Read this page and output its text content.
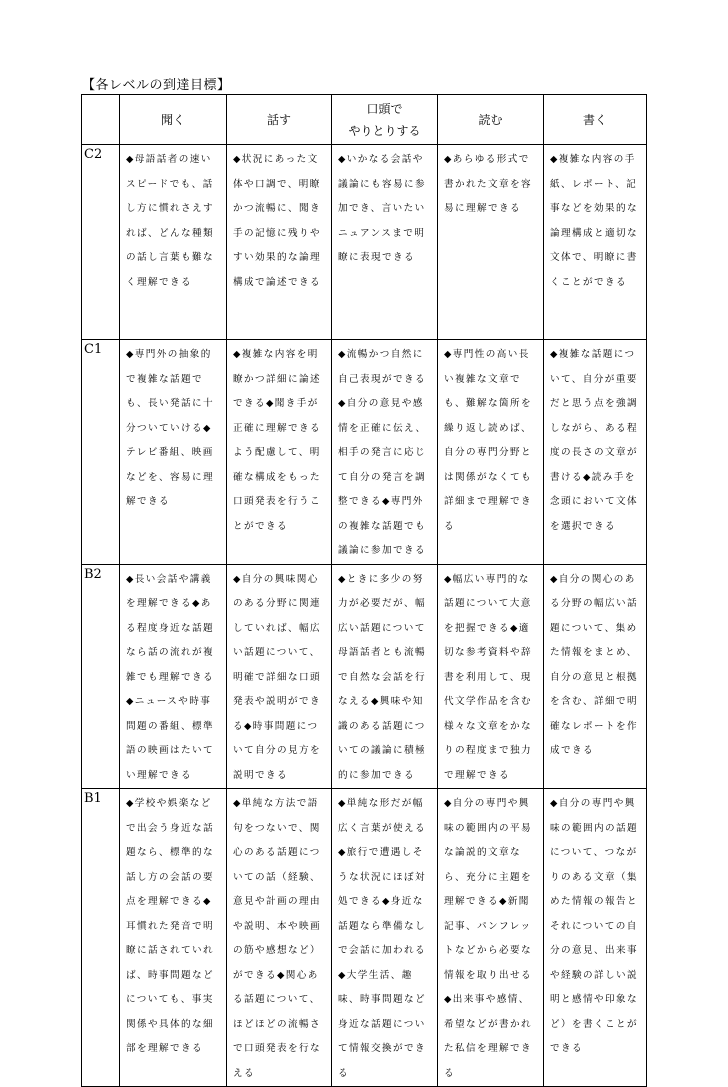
【各レベルの到達目標】
	聞く	話す	口頭で
やりとりする	読む	書く
C2	◆母語話者の速いスピードでも、話し方に慣れさえすれば、どんな種類の話し言葉も難なく理解できる	◆状況にあった文体や口調で、明瞭かつ流暢に、聞き手の記憶に残りやすい効果的な論理構成で論述できる	◆いかなる会話や議論にも容易に参加でき、言いたいニュアンスまで明瞭に表現できる	◆あらゆる形式で書かれた文章を容易に理解できる	◆複雑な内容の手紙、レポート、記事などを効果的な論理構成と適切な文体で、明瞭に書くことができる
C1	◆専門外の抽象的で複雑な話題でも、長い発話に十分ついていける◆テレビ番組、映画などを、容易に理解できる	◆複雑な内容を明瞭かつ詳細に論述できる◆聞き手が正確に理解できるよう配慮して、明確な構成をもった口頭発表を行うことができる	◆流暢かつ自然に自己表現ができる◆自分の意見や感情を正確に伝え、相手の発言に応じて自分の発言を調整できる◆専門外の複雑な話題でも議論に参加できる	◆専門性の高い長い複雑な文章でも、難解な箇所を繰り返し読めば、自分の専門分野とは関係がなくても詳細まで理解できる	◆複雑な話題について、自分が重要だと思う点を強調しながら、ある程度の長さの文章が書ける◆読み手を念頭において文体を選択できる
B2	◆長い会話や講義を理解できる◆ある程度身近な話題なら話の流れが複雑でも理解できる◆ニュースや時事問題の番組、標準語の映画はたいてい理解できる	◆自分の興味関心のある分野に関連していれば、幅広い話題について、明確で詳細な口頭発表や説明ができる◆時事問題について自分の見方を説明できる	◆ときに多少の努力が必要だが、幅広い話題について母語話者とも流暢で自然な会話を行なえる◆興味や知識のある話題についての議論に積極的に参加できる	◆幅広い専門的な話題について大意を把握できる◆適切な参考資料や辞書を利用して、現代文学作品を含む様々な文章をかなりの程度まで独力で理解できる	◆自分の関心のある分野の幅広い話題について、集めた情報をまとめ、自分の意見と根拠を含む、詳細で明確なレポートを作成できる
B1	◆学校や娯楽などで出会う身近な話題なら、標準的な話し方の会話の要点を理解できる◆耳慣れた発音で明瞭に話されていれば、時事問題などについても、事実関係や具体的な細部を理解できる	◆単純な方法で語句をつないで、関心のある話題についての話（経験、意見や計画の理由や説明、本や映画の筋や感想など）ができる◆関心ある話題について、ほどほどの流暢さで口頭発表を行なえる	◆単純な形だが幅広く言葉が使える◆旅行で遭遇しそうな状況にほぼ対処できる◆身近な話題なら準備なしで会話に加われる◆大学生活、趣味、時事問題など身近な話題について情報交換ができる	◆自分の専門や興味の範囲内の平易な論説的文章なら、充分に主題を理解できる◆新聞記事、パンフレットなどから必要な情報を取り出せる◆出来事や感情、希望などが書かれた私信を理解できる	◆自分の専門や興味の範囲内の話題について、つながりのある文章（集めた情報の報告とそれについての自分の意見、出来事や経験の詳しい説明と感情や印象など）を書くことができる
